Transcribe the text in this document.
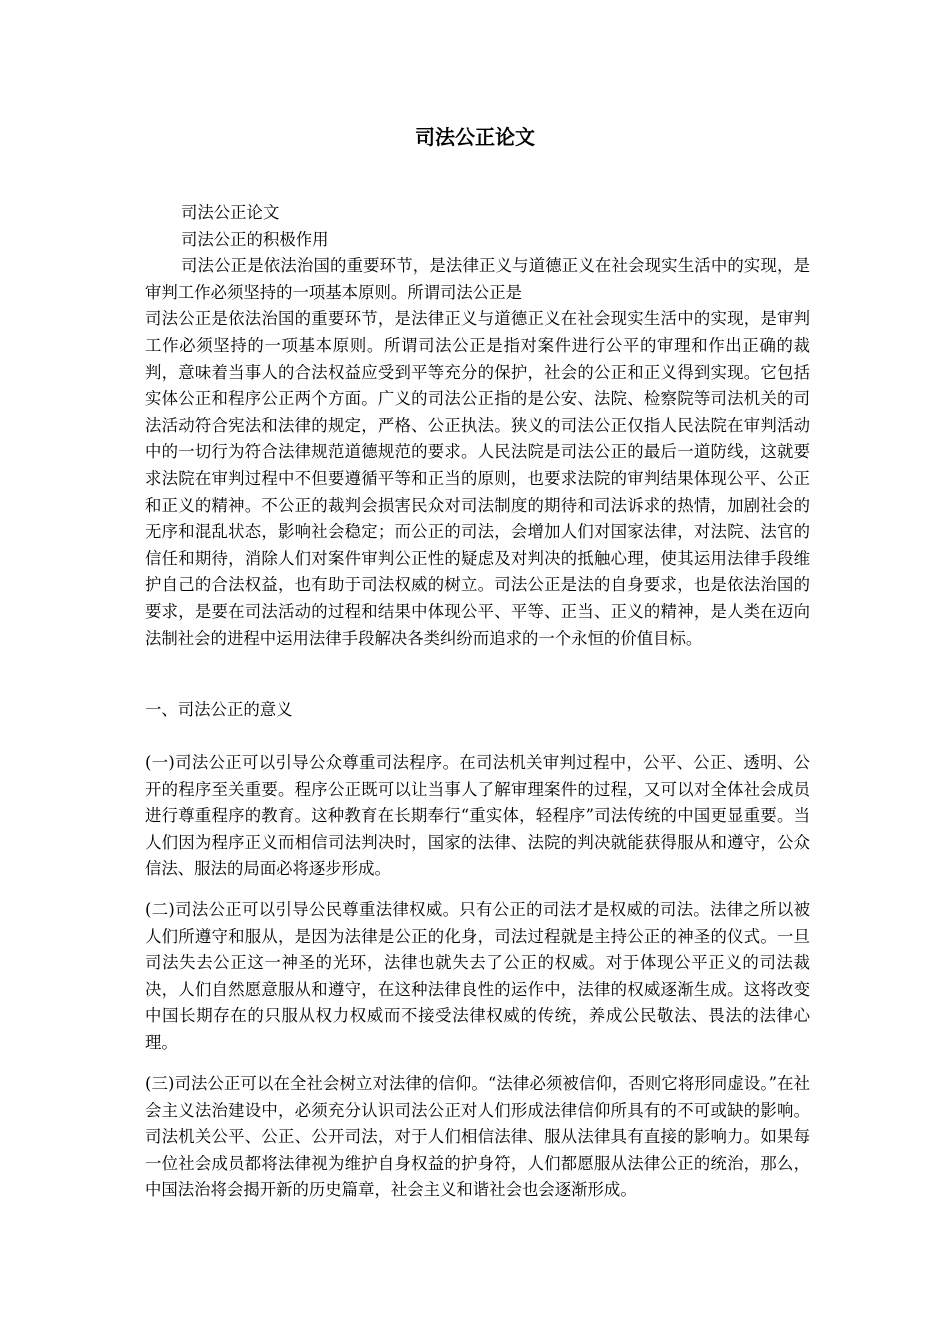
司法公正论文
司法公正论文
司法公正的积极作用

司法公正是依法治国的重要环节，是法律正义与道德正义在社会现实生活中的实现，是审判工作必须坚持的一项基本原则。所谓司法公正是

司法公正是依法治国的重要环节，是法律正义与道德正义在社会现实生活中的实现，是审判工作必须坚持的一项基本原则。所谓司法公正是指对案件进行公平的审理和作出正确的裁判，意味着当事人的合法权益应受到平等充分的保护，社会的公正和正义得到实现。它包括实体公正和程序公正两个方面。广义的司法公正指的是公安、法院、检察院等司法机关的司法活动符合宪法和法律的规定，严格、公正执法。狭义的司法公正仅指人民法院在审判活动中的一切行为符合法律规范道德规范的要求。人民法院是司法公正的最后一道防线，这就要求法院在审判过程中不但要遵循平等和正当的原则，也要求法院的审判结果体现公平、公正和正义的精神。不公正的裁判会损害民众对司法制度的期待和司法诉求的热情，加剧社会的无序和混乱状态，影响社会稳定；而公正的司法，会增加人们对国家法律，对法院、法官的信任和期待，消除人们对案件审判公正性的疑虑及对判决的抵触心理，使其运用法律手段维护自己的合法权益，也有助于司法权威的树立。司法公正是法的自身要求，也是依法治国的要求，是要在司法活动的过程和结果中体现公平、平等、正当、正义的精神，是人类在迈向法制社会的进程中运用法律手段解决各类纠纷而追求的一个永恒的价值目标。

一、司法公正的意义

(一)司法公正可以引导公众尊重司法程序。在司法机关审判过程中，公平、公正、透明、公开的程序至关重要。程序公正既可以让当事人了解审理案件的过程，又可以对全体社会成员进行尊重程序的教育。这种教育在长期奉行“重实体，轻程序”司法传统的中国更显重要。当人们因为程序正义而相信司法判决时，国家的法律、法院的判决就能获得服从和遵守，公众信法、服法的局面必将逐步形成。

(二)司法公正可以引导公民尊重法律权威。只有公正的司法才是权威的司法。法律之所以被人们所遵守和服从，是因为法律是公正的化身，司法过程就是主持公正的神圣的仪式。一旦司法失去公正这一神圣的光环，法律也就失去了公正的权威。对于体现公平正义的司法裁决，人们自然愿意服从和遵守，在这种法律良性的运作中，法律的权威逐渐生成。这将改变中国长期存在的只服从权力权威而不接受法律权威的传统，养成公民敬法、畏法的法律心理。

(三)司法公正可以在全社会树立对法律的信仰。“法律必须被信仰，否则它将形同虚设。”在社会主义法治建设中，必须充分认识司法公正对人们形成法律信仰所具有的不可或缺的影响。司法机关公平、公正、公开司法，对于人们相信法律、服从法律具有直接的影响力。如果每一位社会成员都将法律视为维护自身权益的护身符，人们都愿服从法律公正的统治，那么，中国法治将会揭开新的历史篇章，社会主义和谐社会也会逐渐形成。
